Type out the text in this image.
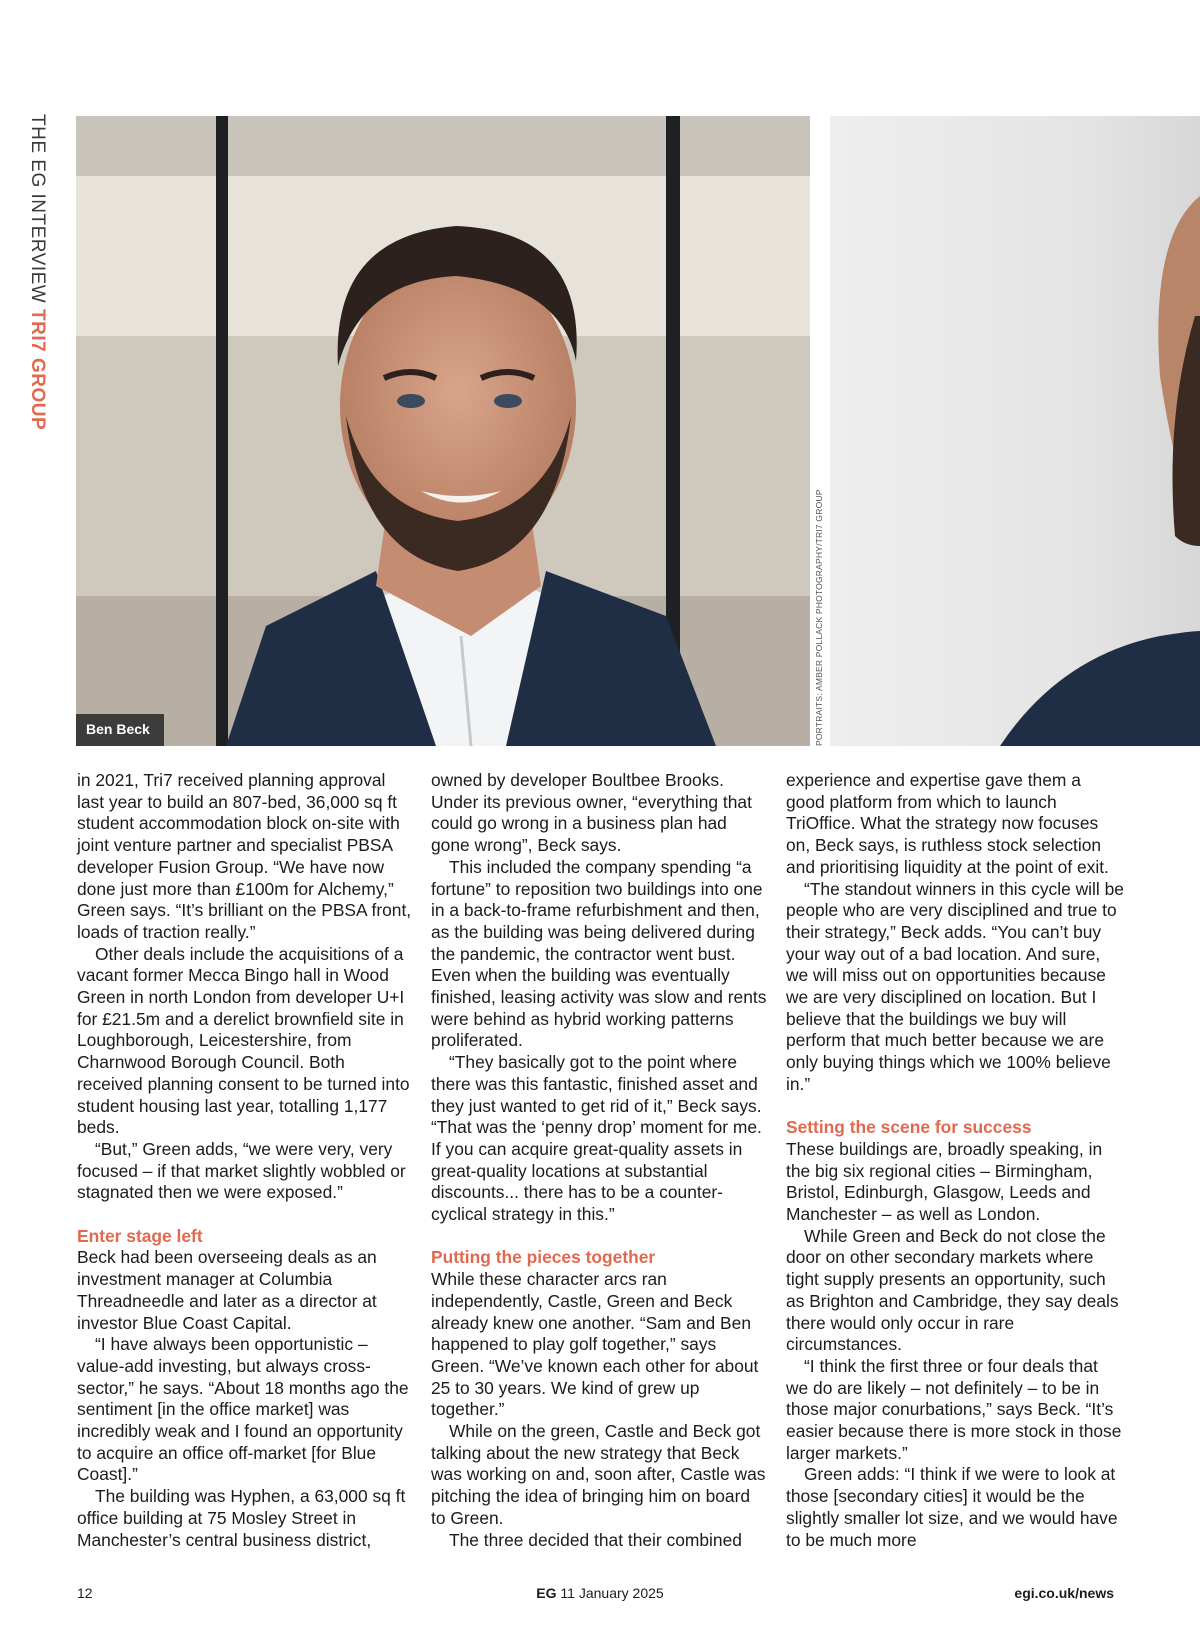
THE EG INTERVIEW TRI7 GROUP
Ben Beck	PORTRAITS: AMBER POLLACK PHOTOGRAPHY/TRI7 GROUP

in 2021, Tri7 received planning approval last year to build an 807-bed, 36,000 sq ft student accommodation block on-site with joint venture partner and specialist PBSA developer Fusion Group. “We have now done just more than £100m for Alchemy,” Green says. “It’s brilliant on the PBSA front, loads of traction really.”

Other deals include the acquisitions of a vacant former Mecca Bingo hall in Wood Green in north London from developer U+I for £21.5m and a derelict brownfield site in Loughborough, Leicestershire, from Charnwood Borough Council. Both received planning consent to be turned into student housing last year, totalling 1,177 beds.

“But,” Green adds, “we were very, very focused – if that market slightly wobbled or stagnated then we were exposed.”

Enter stage left

Beck had been overseeing deals as an investment manager at Columbia Threadneedle and later as a director at investor Blue Coast Capital.

“I have always been opportunistic – value-add investing, but always cross-sector,” he says. “About 18 months ago the sentiment [in the office market] was incredibly weak and I found an opportunity to acquire an office off-market [for Blue Coast].”

The building was Hyphen, a 63,000 sq ft office building at 75 Mosley Street in Manchester’s central business district,

owned by developer Boultbee Brooks. Under its previous owner, “everything that could go wrong in a business plan had gone wrong”, Beck says.

This included the company spending “a fortune” to reposition two buildings into one in a back-to-frame refurbishment and then, as the building was being delivered during the pandemic, the contractor went bust. Even when the building was eventually finished, leasing activity was slow and rents were behind as hybrid working patterns proliferated.

“They basically got to the point where there was this fantastic, finished asset and they just wanted to get rid of it,” Beck says. “That was the ‘penny drop’ moment for me. If you can acquire great-quality assets in great-quality locations at substantial discounts... there has to be a counter-cyclical strategy in this.”

Putting the pieces together

While these character arcs ran independently, Castle, Green and Beck already knew one another. “Sam and Ben happened to play golf together,” says Green. “We’ve known each other for about 25 to 30 years. We kind of grew up together.”

While on the green, Castle and Beck got talking about the new strategy that Beck was working on and, soon after, Castle was pitching the idea of bringing him on board to Green.

The three decided that their combined

experience and expertise gave them a good platform from which to launch TriOffice. What the strategy now focuses on, Beck says, is ruthless stock selection and prioritising liquidity at the point of exit.

“The standout winners in this cycle will be people who are very disciplined and true to their strategy,” Beck adds. “You can’t buy your way out of a bad location. And sure, we will miss out on opportunities because we are very disciplined on location. But I believe that the buildings we buy will perform that much better because we are only buying things which we 100% believe in.”

Setting the scene for success

These buildings are, broadly speaking, in the big six regional cities – Birmingham, Bristol, Edinburgh, Glasgow, Leeds and Manchester – as well as London.

While Green and Beck do not close the door on other secondary markets where tight supply presents an opportunity, such as Brighton and Cambridge, they say deals there would only occur in rare circumstances.

“I think the first three or four deals that we do are likely – not definitely – to be in those major conurbations,” says Beck. “It’s easier because there is more stock in those larger markets.”

Green adds: “I think if we were to look at those [secondary cities] it would be the slightly smaller lot size, and we would have to be much more

12	EG 11 January 2025	egi.co.uk/news
